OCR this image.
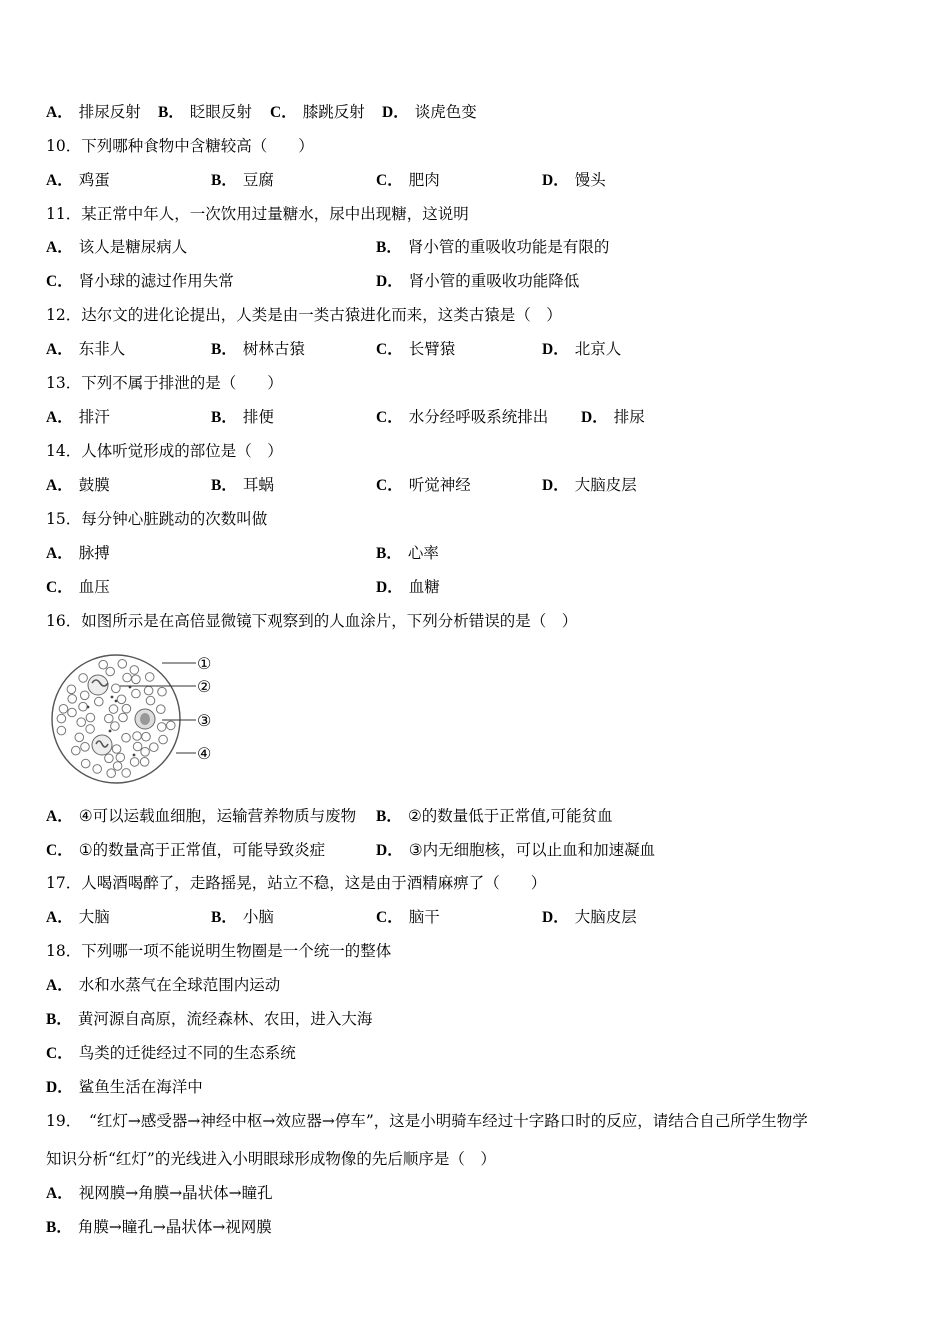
A． 排尿反射 B． 眨眼反射 C． 膝跳反射 D． 谈虎色变
10．下列哪种食物中含糖较高（　　）
A． 鸡蛋	B． 豆腐	C． 肥肉	D． 馒头
11．某正常中年人，一次饮用过量糖水，尿中出现糖，这说明
A． 该人是糖尿病人	B． 肾小管的重吸收功能是有限的
C． 肾小球的滤过作用失常	D． 肾小管的重吸收功能降低
12．达尔文的进化论提出，人类是由一类古猿进化而来，这类古猿是（　）
A． 东非人	B． 树林古猿	C． 长臂猿	D． 北京人
13．下列不属于排泄的是（　　）
A． 排汗	B． 排便	C． 水分经呼吸系统排出 D． 排尿
14．人体听觉形成的部位是（　）
A． 鼓膜	B． 耳蜗	C． 听觉神经	D． 大脑皮层
15．每分钟心脏跳动的次数叫做
A． 脉搏	B． 心率
C． 血压	D． 血糖
16．如图所示是在高倍显微镜下观察到的人血涂片，下列分析错误的是（　）
①
②
③
④
A． ④可以运载血细胞，运输营养物质与废物 B． ②的数量低于正常值,可能贫血
C． ①的数量高于正常值，可能导致炎症	D． ③内无细胞核，可以止血和加速凝血
17．人喝酒喝醉了，走路摇晃，站立不稳，这是由于酒精麻痹了（　　）
A． 大脑	B． 小脑	C． 脑干	D． 大脑皮层
18．下列哪一项不能说明生物圈是一个统一的整体
A． 水和水蒸气在全球范围内运动
B． 黄河源自高原，流经森林、农田，进入大海
C． 鸟类的迁徙经过不同的生态系统
D． 鲨鱼生活在海洋中
19．　“红灯→感受器→神经中枢→效应器→停车”，这是小明骑车经过十字路口时的反应，请结合自己所学生物学
知识分析“红灯”的光线进入小明眼球形成物像的先后顺序是（　）
A． 视网膜→角膜→晶状体→瞳孔
B． 角膜→瞳孔→晶状体→视网膜
